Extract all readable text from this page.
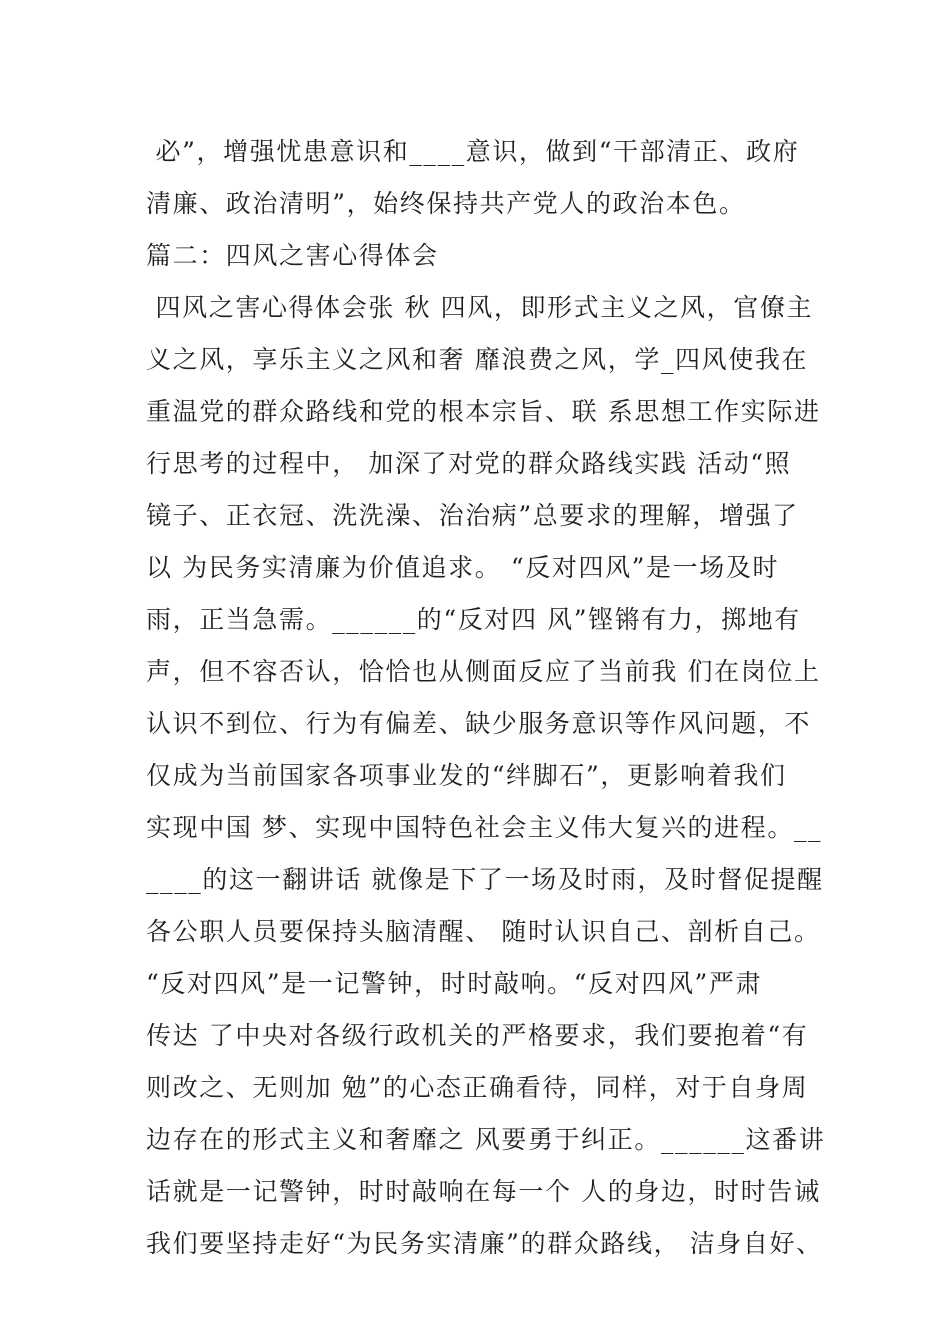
必”，增强忧患意识和____意识，做到“干部清正、政府
清廉、政治清明”，始终保持共产党人的政治本色。
篇二：四风之害心得体会
四风之害心得体会张 秋 四风，即形式主义之风，官僚主
义之风，享乐主义之风和奢 靡浪费之风，学_四风使我在
重温党的群众路线和党的根本宗旨、联 系思想工作实际进
行思考的过程中， 加深了对党的群众路线实践 活动“照
镜子、正衣冠、洗洗澡、治治病”总要求的理解，增强了
以 为民务实清廉为价值追求。 “反对四风”是一场及时
雨，正当急需。______的“反对四 风”铿锵有力，掷地有
声，但不容否认，恰恰也从侧面反应了当前我 们在岗位上
认识不到位、行为有偏差、缺少服务意识等作风问题，不
仅成为当前国家各项事业发的“绊脚石”，更影响着我们
实现中国 梦、实现中国特色社会主义伟大复兴的进程。__
____的这一翻讲话 就像是下了一场及时雨，及时督促提醒
各公职人员要保持头脑清醒、 随时认识自己、剖析自己。
“反对四风”是一记警钟，时时敲响。“反对四风”严肃
传达 了中央对各级行政机关的严格要求，我们要抱着“有
则改之、无则加 勉”的心态正确看待，同样，对于自身周
边存在的形式主义和奢靡之 风要勇于纠正。______这番讲
话就是一记警钟，时时敲响在每一个 人的身边，时时告诫
我们要坚持走好“为民务实清廉”的群众路线， 洁身自好、
